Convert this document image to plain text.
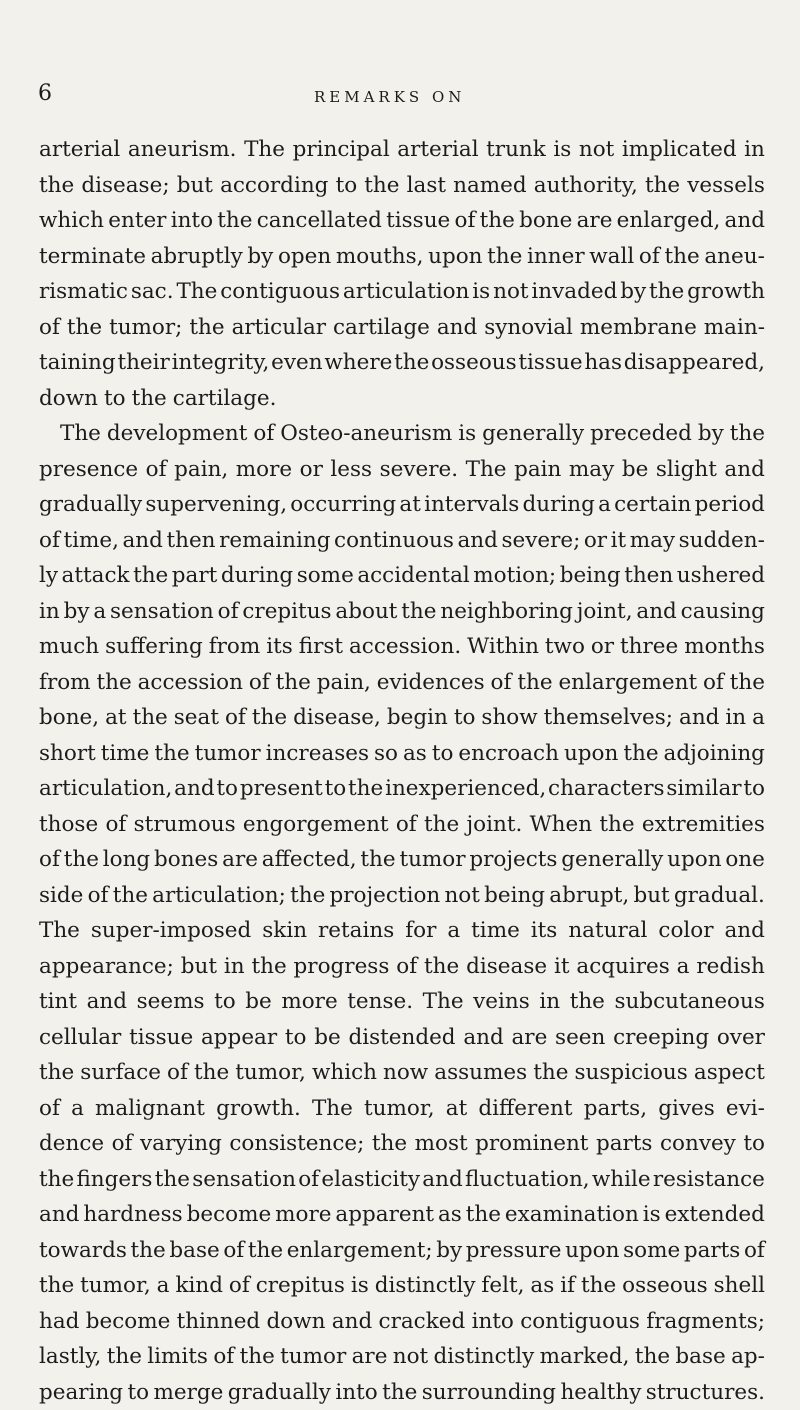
6	REMARKS ON
arterial aneurism. The principal arterial trunk is not implicated in
the disease; but according to the last named authority, the vessels
which enter into the cancellated tissue of the bone are enlarged, and
terminate abruptly by open mouths, upon the inner wall of the aneu-
rismatic sac. The contiguous articulation is not invaded by the growth
of the tumor; the articular cartilage and synovial membrane main-
taining their integrity, even where the osseous tissue has disappeared,
down to the cartilage.
The development of Osteo-aneurism is generally preceded by the
presence of pain, more or less severe. The pain may be slight and
gradually supervening, occurring at intervals during a certain period
of time, and then remaining continuous and severe; or it may sudden-
ly attack the part during some accidental motion; being then ushered
in by a sensation of crepitus about the neighboring joint, and causing
much suffering from its first accession. Within two or three months
from the accession of the pain, evidences of the enlargement of the
bone, at the seat of the disease, begin to show themselves; and in a
short time the tumor increases so as to encroach upon the adjoining
articulation, and to present to the inexperienced, characters similar to
those of strumous engorgement of the joint. When the extremities
of the long bones are affected, the tumor projects generally upon one
side of the articulation; the projection not being abrupt, but gradual.
The super-imposed skin retains for a time its natural color and
appearance; but in the progress of the disease it acquires a redish
tint and seems to be more tense. The veins in the subcutaneous
cellular tissue appear to be distended and are seen creeping over
the surface of the tumor, which now assumes the suspicious aspect
of a malignant growth. The tumor, at different parts, gives evi-
dence of varying consistence; the most prominent parts convey to
the fingers the sensation of elasticity and fluctuation, while resistance
and hardness become more apparent as the examination is extended
towards the base of the enlargement; by pressure upon some parts of
the tumor, a kind of crepitus is distinctly felt, as if the osseous shell
had become thinned down and cracked into contiguous fragments;
lastly, the limits of the tumor are not distinctly marked, the base ap-
pearing to merge gradually into the surrounding healthy structures.
